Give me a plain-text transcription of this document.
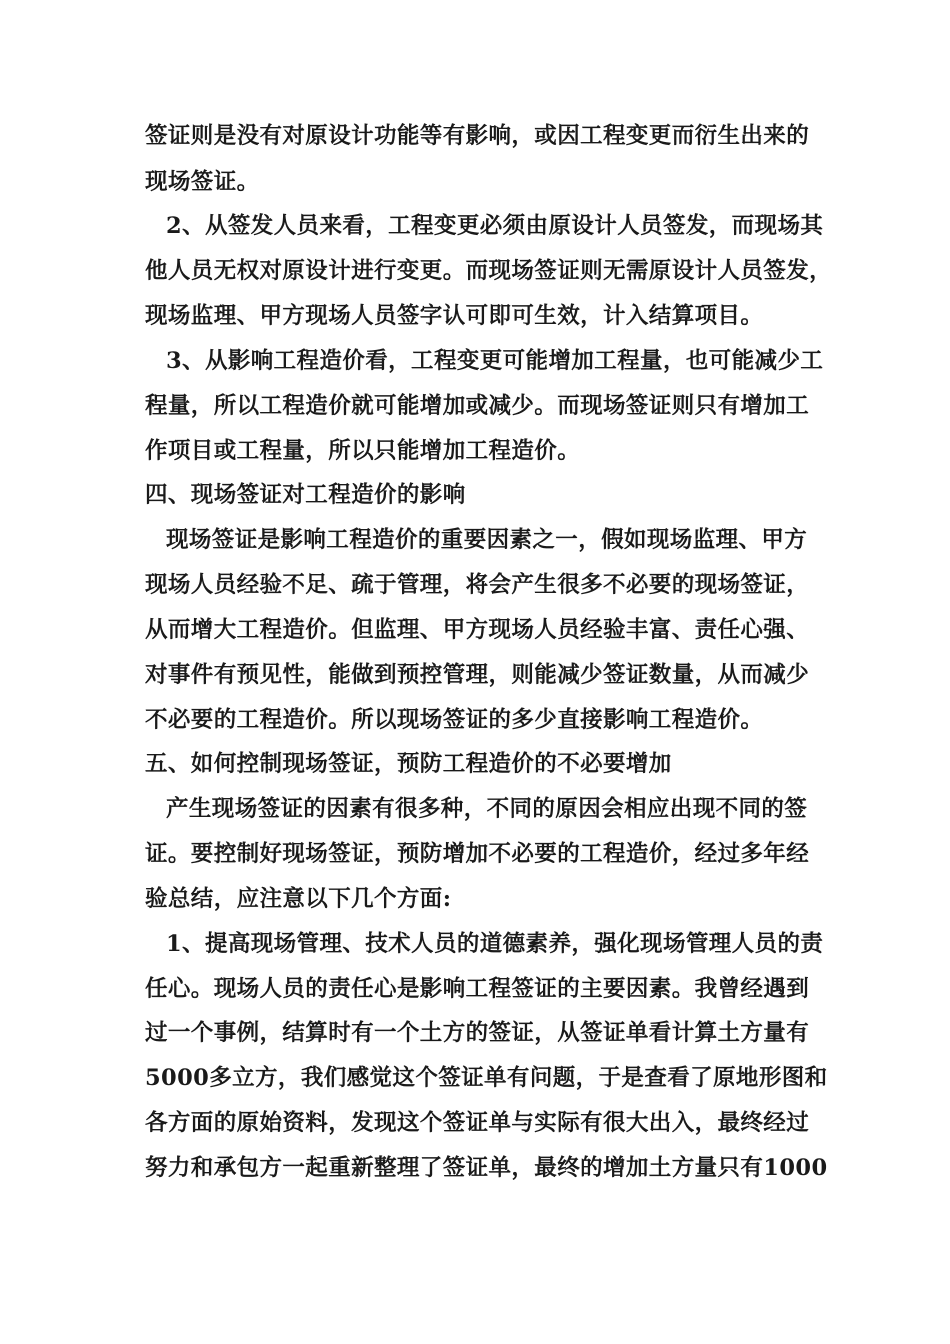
签证则是没有对原设计功能等有影响，或因工程变更而衍生出来的
现场签证。
2、从签发人员来看，工程变更必须由原设计人员签发，而现场其
他人员无权对原设计进行变更。而现场签证则无需原设计人员签发，
现场监理、甲方现场人员签字认可即可生效，计入结算项目。
3、从影响工程造价看，工程变更可能增加工程量，也可能减少工
程量，所以工程造价就可能增加或减少。而现场签证则只有增加工
作项目或工程量，所以只能增加工程造价。
四、现场签证对工程造价的影响
现场签证是影响工程造价的重要因素之一，假如现场监理、甲方
现场人员经验不足、疏于管理，将会产生很多不必要的现场签证，
从而增大工程造价。但监理、甲方现场人员经验丰富、责任心强、
对事件有预见性，能做到预控管理，则能减少签证数量，从而减少
不必要的工程造价。所以现场签证的多少直接影响工程造价。
五、如何控制现场签证，预防工程造价的不必要增加
产生现场签证的因素有很多种，不同的原因会相应出现不同的签
证。要控制好现场签证，预防增加不必要的工程造价，经过多年经
验总结，应注意以下几个方面:
1、提高现场管理、技术人员的道德素养，强化现场管理人员的责
任心。现场人员的责任心是影响工程签证的主要因素。我曾经遇到
过一个事例，结算时有一个土方的签证，从签证单看计算土方量有
5000多立方，我们感觉这个签证单有问题，于是查看了原地形图和
各方面的原始资料，发现这个签证单与实际有很大出入，最终经过
努力和承包方一起重新整理了签证单，最终的增加土方量只有1000
